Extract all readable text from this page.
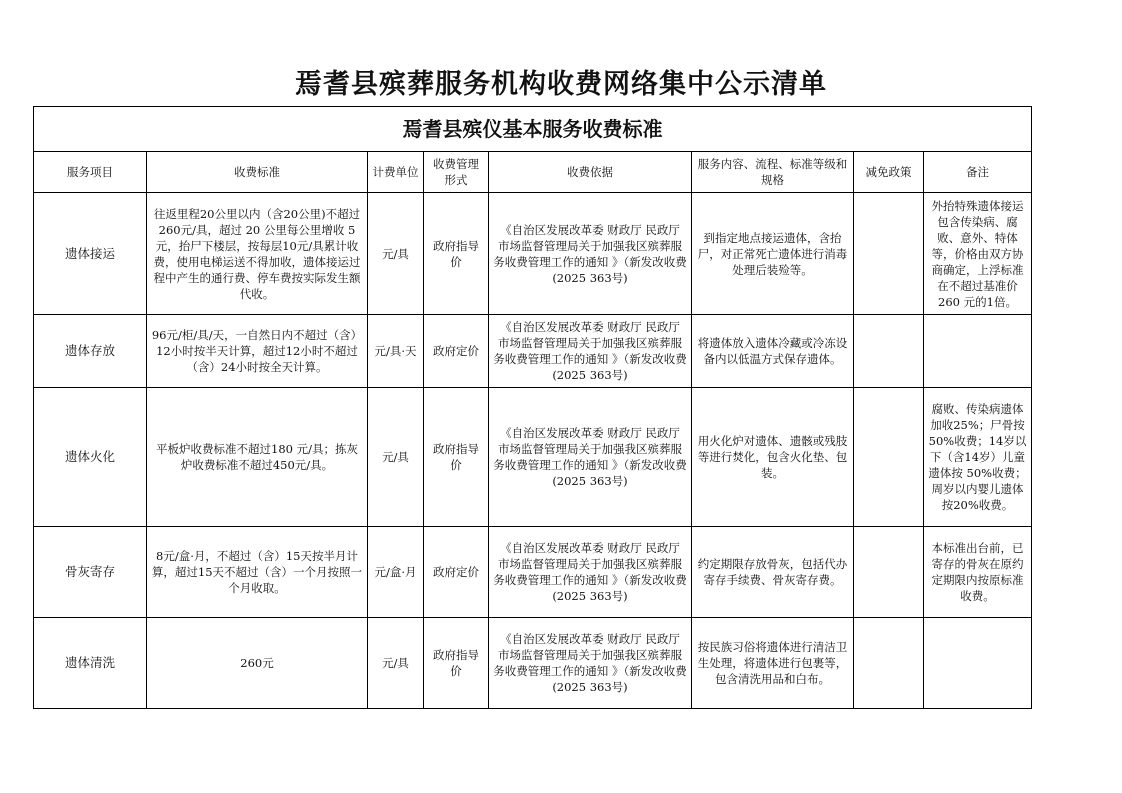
焉耆县殡葬服务机构收费网络集中公示清单
焉耆县殡仪基本服务收费标准							
服务项目	收费标准	计费单位	收费管理形式	收费依据	服务内容、流程、标准等级和规格	减免政策	备注
遗体接运	往返里程20公里以内（含20公里)不超过260元/具，超过 20 公里每公里增收 5元，抬尸下楼层，按每层10元/具累计收费，使用电梯运送不得加收，遗体接运过程中产生的通行费、停车费按实际发生额代收。	元/具	政府指导价	《自治区发展改革委 财政厅 民政厅 市场监督管理局关于加强我区殡葬服务收费管理工作的通知 》（新发改收费(2025 363号)	到指定地点接运遗体，含抬尸，对正常死亡遗体进行消毒处理后装殓等。		外抬特殊遗体接运包含传染病、腐败、意外、特体等，价格由双方协商确定，上浮标准在不超过基准价 260 元的1倍。
遗体存放	96元/柜/具/天，一自然日内不超过（含）12小时按半天计算，超过12小时不超过（含）24小时按全天计算。	元/具·天	政府定价	《自治区发展改革委 财政厅 民政厅 市场监督管理局关于加强我区殡葬服务收费管理工作的通知 》（新发改收费(2025 363号)	将遗体放入遗体冷藏或冷冻设备内以低温方式保存遗体。		
遗体火化	平板炉收费标准不超过180 元/具；拣灰炉收费标准不超过450元/具。	元/具	政府指导价	《自治区发展改革委 财政厅 民政厅 市场监督管理局关于加强我区殡葬服务收费管理工作的通知 》（新发改收费(2025 363号)	用火化炉对遗体、遗骸或残肢等进行焚化，包含火化垫、包装。		腐败、传染病遗体加收25%；尸骨按50%收费；14岁以下（含14岁）儿童遗体按 50%收费；周岁以内婴儿遗体按20%收费。
骨灰寄存	8元/盒·月，不超过（含）15天按半月计算，超过15天不超过（含）一个月按照一个月收取。	元/盒·月	政府定价	《自治区发展改革委 财政厅 民政厅 市场监督管理局关于加强我区殡葬服务收费管理工作的通知 》（新发改收费(2025 363号)	约定期限存放骨灰，包括代办寄存手续费、骨灰寄存费。		本标准出台前，已寄存的骨灰在原约定期限内按原标准收费。
遗体清洗	260元	元/具	政府指导价	《自治区发展改革委 财政厅 民政厅 市场监督管理局关于加强我区殡葬服务收费管理工作的通知 》（新发改收费(2025 363号)	按民族习俗将遗体进行清洁卫生处理，将遗体进行包裹等，包含清洗用品和白布。		
